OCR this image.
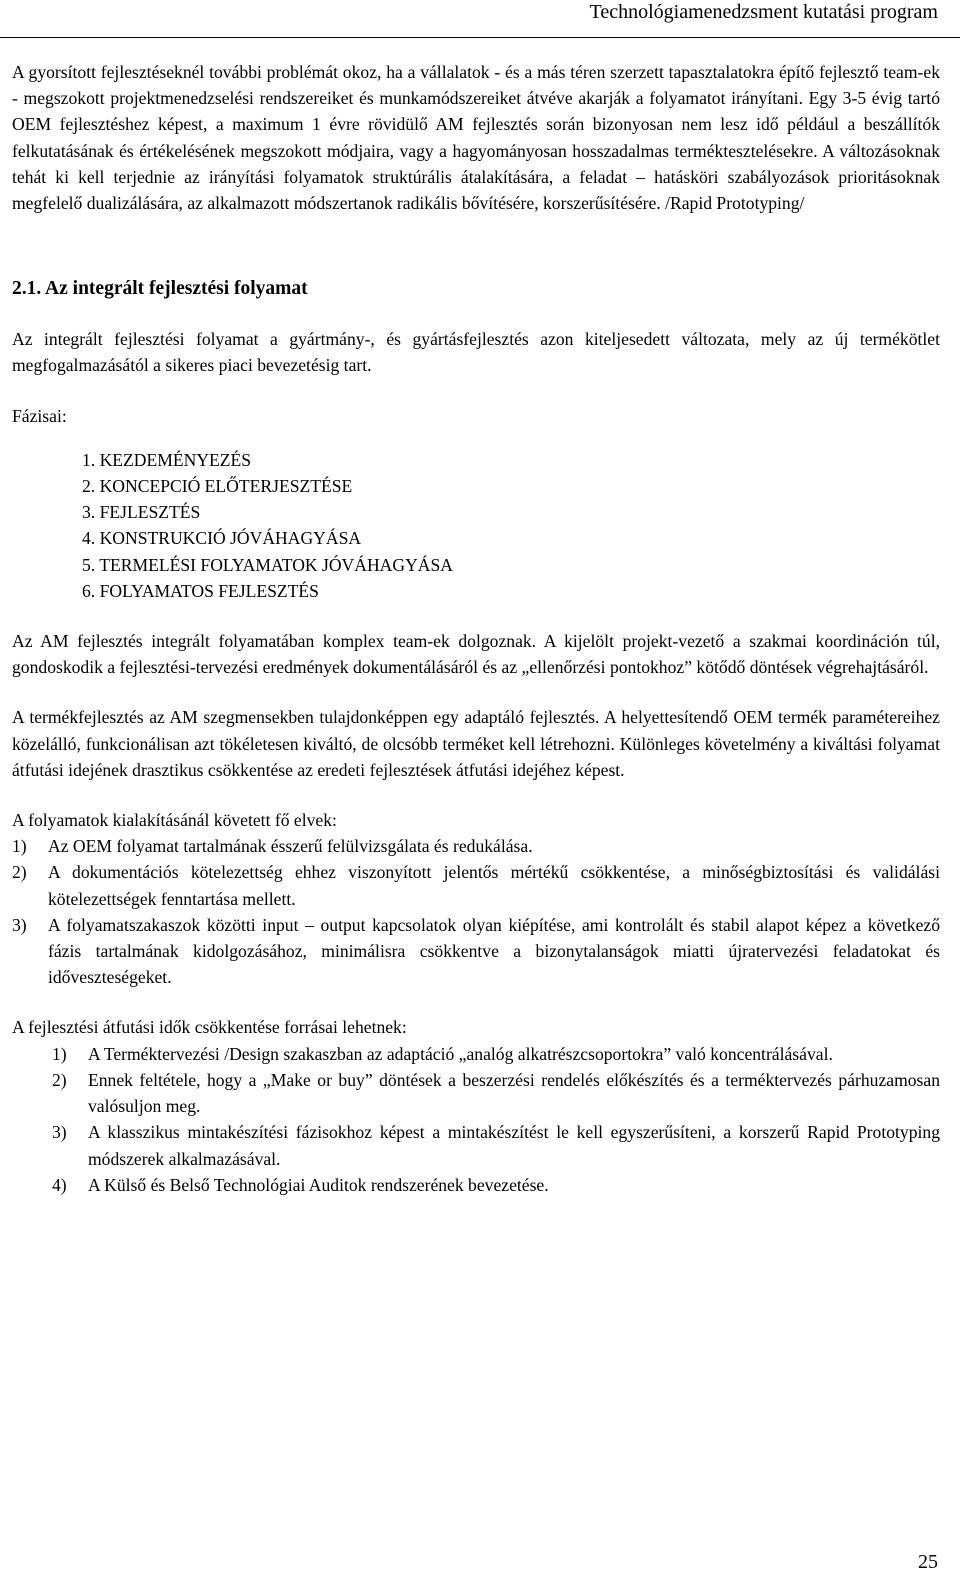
Technológiamenedzsment kutatási program

A gyorsított fejlesztéseknél további problémát okoz, ha a vállalatok - és a más téren szerzett tapasztalatokra építő fejlesztő team-ek - megszokott projektmenedzselési rendszereiket és munkamódszereiket átvéve akarják a folyamatot irányítani. Egy 3-5 évig tartó OEM fejlesztéshez képest, a maximum 1 évre rövidülő AM fejlesztés során bizonyosan nem lesz idő például a beszállítók felkutatásának és értékelésének megszokott módjaira, vagy a hagyományosan hosszadalmas terméktesztelésekre. A változásoknak tehát ki kell terjednie az irányítási folyamatok struktúrális átalakítására, a feladat – hatásköri szabályozások prioritásoknak megfelelő dualizálására, az alkalmazott módszertanok radikális bővítésére, korszerűsítésére. /Rapid Prototyping/

2.1. Az integrált fejlesztési folyamat

Az integrált fejlesztési folyamat a gyártmány-, és gyártásfejlesztés azon kiteljesedett változata, mely az új termékötlet megfogalmazásától a sikeres piaci bevezetésig tart.

Fázisai:

1. KEZDEMÉNYEZÉS
2. KONCEPCIÓ ELŐTERJESZTÉSE
3. FEJLESZTÉS
4. KONSTRUKCIÓ JÓVÁHAGYÁSA
5. TERMELÉSI FOLYAMATOK JÓVÁHAGYÁSA
6. FOLYAMATOS FEJLESZTÉS

Az AM fejlesztés integrált folyamatában komplex team-ek dolgoznak. A kijelölt projekt-vezető a szakmai koordináción túl, gondoskodik a fejlesztési-tervezési eredmények dokumentálásáról és az „ellenőrzési pontokhoz” kötődő döntések végrehajtásáról.

A termékfejlesztés az AM szegmensekben tulajdonképpen egy adaptáló fejlesztés. A helyettesítendő OEM termék paramétereihez közelálló, funkcionálisan azt tökéletesen kiváltó, de olcsóbb terméket kell létrehozni. Különleges követelmény a kiváltási folyamat átfutási idejének drasztikus csökkentése az eredeti fejlesztések átfutási idejéhez képest.

A folyamatok kialakításánál követett fő elvek:

1) Az OEM folyamat tartalmának ésszerű felülvizsgálata és redukálása.
2) A dokumentációs kötelezettség ehhez viszonyított jelentős mértékű csökkentése, a minőségbiztosítási és validálási kötelezettségek fenntartása mellett.
3) A folyamatszakaszok közötti input – output kapcsolatok olyan kiépítése, ami kontrolált és stabil alapot képez a következő fázis tartalmának kidolgozásához, minimálisra csökkentve a bizonytalanságok miatti újratervezési feladatokat és időveszteségeket.

A fejlesztési átfutási idők csökkentése forrásai lehetnek:

1) A Terméktervezési /Design szakaszban az adaptáció „analóg alkatrészcsoportokra” való koncentrálásával.
2) Ennek feltétele, hogy a „Make or buy” döntések a beszerzési rendelés előkészítés és a terméktervezés párhuzamosan valósuljon meg.
3) A klasszikus mintakészítési fázisokhoz képest a mintakészítést le kell egyszerűsíteni, a korszerű Rapid Prototyping módszerek alkalmazásával.
4) A Külső és Belső Technológiai Auditok rendszerének bevezetése.
25
